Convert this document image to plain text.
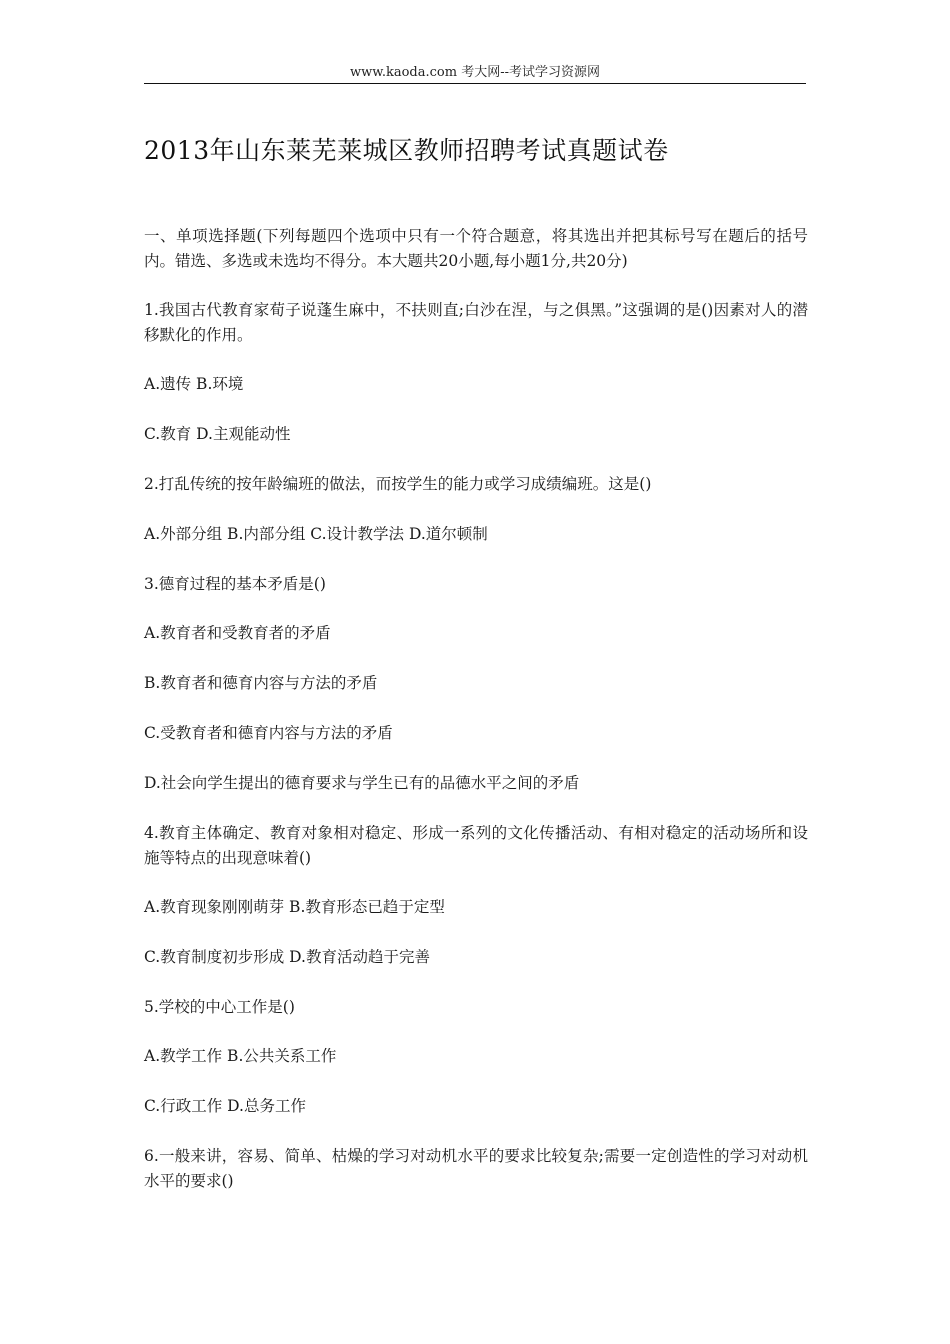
www.kaoda.com 考大网--考试学习资源网
2013年山东莱芜莱城区教师招聘考试真题试卷
一、单项选择题(下列每题四个选项中只有一个符合题意，将其选出并把其标号写在题后的括号内。错选、多选或未选均不得分。本大题共20小题,每小题1分,共20分)
1.我国古代教育家荀子说蓬生麻中，不扶则直;白沙在涅，与之俱黑。”这强调的是()因素对人的潜移默化的作用。
A.遗传 B.环境
C.教育 D.主观能动性
2.打乱传统的按年龄编班的做法，而按学生的能力或学习成绩编班。这是()
A.外部分组 B.内部分组 C.设计教学法 D.道尔顿制
3.德育过程的基本矛盾是()
A.教育者和受教育者的矛盾
B.教育者和德育内容与方法的矛盾
C.受教育者和德育内容与方法的矛盾
D.社会向学生提出的德育要求与学生已有的品德水平之间的矛盾
4.教育主体确定、教育对象相对稳定、形成一系列的文化传播活动、有相对稳定的活动场所和设施等特点的出现意味着()
A.教育现象刚刚萌芽 B.教育形态已趋于定型
C.教育制度初步形成 D.教育活动趋于完善
5.学校的中心工作是()
A.教学工作 B.公共关系工作
C.行政工作 D.总务工作
6.一般来讲，容易、简单、枯燥的学习对动机水平的要求比较复杂;需要一定创造性的学习对动机水平的要求()
